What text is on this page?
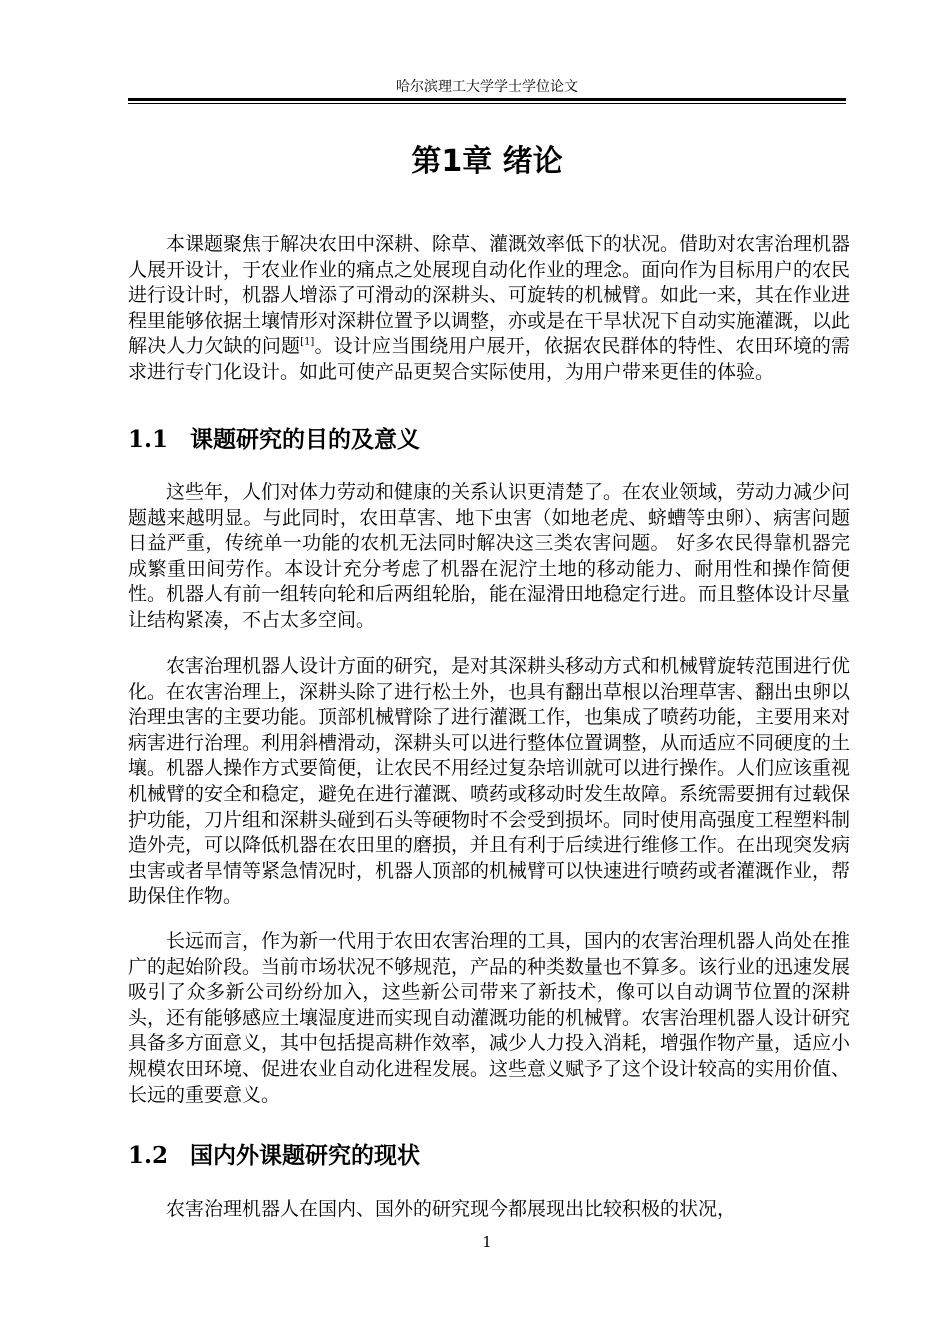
哈尔滨理工大学学士学位论文
第1章 绪论

本课题聚焦于解决农田中深耕、除草、灌溉效率低下的状况。借助对农害治理机器人展开设计，于农业作业的痛点之处展现自动化作业的理念。面向作为目标用户的农民进行设计时，机器人增添了可滑动的深耕头、可旋转的机械臂。如此一来，其在作业进程里能够依据土壤情形对深耕位置予以调整，亦或是在干旱状况下自动实施灌溉，以此解决人力欠缺的问题[1]。设计应当围绕用户展开，依据农民群体的特性、农田环境的需求进行专门化设计。如此可使产品更契合实际使用，为用户带来更佳的体验。

1.1 课题研究的目的及意义

这些年，人们对体力劳动和健康的关系认识更清楚了。在农业领域，劳动力减少问题越来越明显。与此同时，农田草害、地下虫害（如地老虎、蛴螬等虫卵）、病害问题日益严重，传统单一功能的农机无法同时解决这三类农害问题。 好多农民得靠机器完成繁重田间劳作。本设计充分考虑了机器在泥泞土地的移动能力、耐用性和操作简便性。机器人有前一组转向轮和后两组轮胎，能在湿滑田地稳定行进。而且整体设计尽量让结构紧凑，不占太多空间。

农害治理机器人设计方面的研究，是对其深耕头移动方式和机械臂旋转范围进行优化。在农害治理上，深耕头除了进行松土外，也具有翻出草根以治理草害、翻出虫卵以治理虫害的主要功能。顶部机械臂除了进行灌溉工作，也集成了喷药功能，主要用来对病害进行治理。利用斜槽滑动，深耕头可以进行整体位置调整，从而适应不同硬度的土壤。机器人操作方式要简便，让农民不用经过复杂培训就可以进行操作。人们应该重视机械臂的安全和稳定，避免在进行灌溉、喷药或移动时发生故障。系统需要拥有过载保护功能，刀片组和深耕头碰到石头等硬物时不会受到损坏。同时使用高强度工程塑料制造外壳，可以降低机器在农田里的磨损，并且有利于后续进行维修工作。在出现突发病虫害或者旱情等紧急情况时，机器人顶部的机械臂可以快速进行喷药或者灌溉作业，帮助保住作物。

长远而言，作为新一代用于农田农害治理的工具，国内的农害治理机器人尚处在推广的起始阶段。当前市场状况不够规范，产品的种类数量也不算多。该行业的迅速发展吸引了众多新公司纷纷加入，这些新公司带来了新技术，像可以自动调节位置的深耕头，还有能够感应土壤湿度进而实现自动灌溉功能的机械臂。农害治理机器人设计研究具备多方面意义，其中包括提高耕作效率，减少人力投入消耗，增强作物产量，适应小规模农田环境、促进农业自动化进程发展。这些意义赋予了这个设计较高的实用价值、长远的重要意义。

1.2 国内外课题研究的现状

农害治理机器人在国内、国外的研究现今都展现出比较积极的状况，

1
